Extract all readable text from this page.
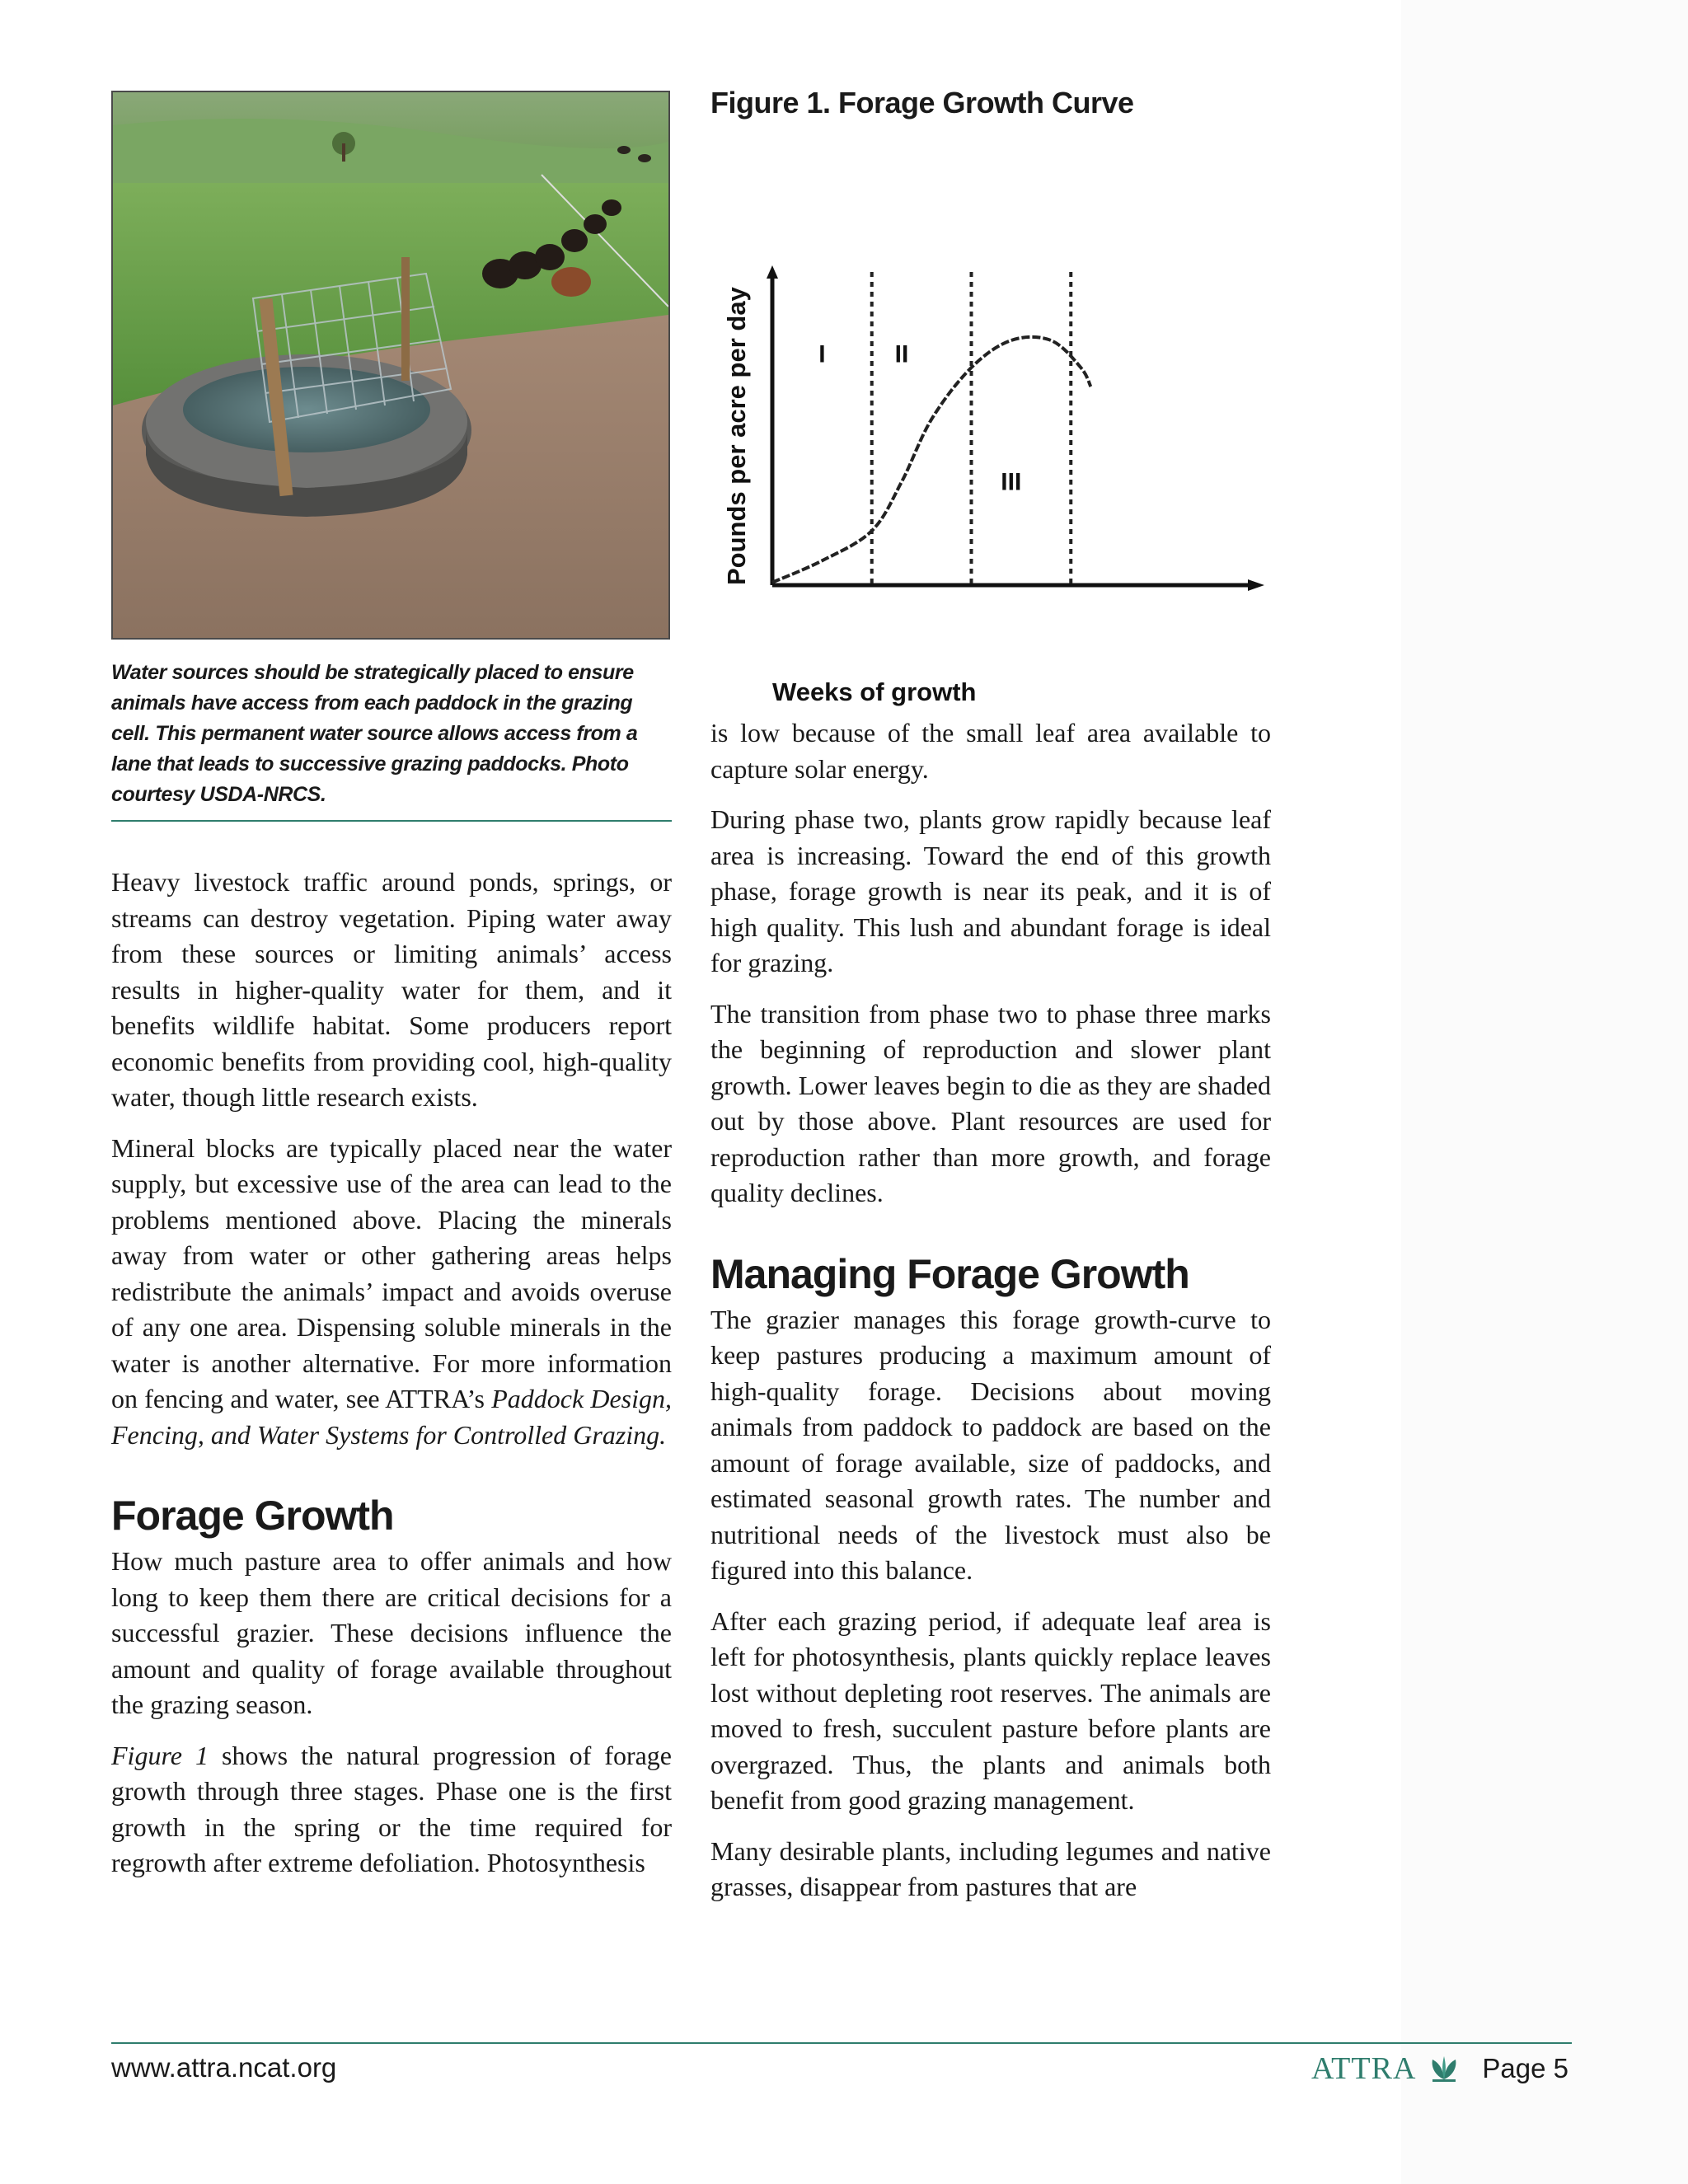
Water sources should be strategically placed to ensure animals have access from each paddock in the grazing cell. This permanent water source allows access from a lane that leads to successive grazing paddocks. Photo courtesy USDA-NRCS.

Heavy livestock traffic around ponds, springs, or streams can destroy vegetation. Piping water away from these sources or limiting animals’ access results in higher-quality water for them, and it benefits wildlife habitat. Some producers report economic benefits from providing cool, high-quality water, though little research exists.

Mineral blocks are typically placed near the water supply, but excessive use of the area can lead to the problems mentioned above. Placing the minerals away from water or other gathering areas helps redistribute the animals’ impact and avoids overuse of any one area. Dispensing soluble minerals in the water is another alternative. For more information on fencing and water, see ATTRA’s Paddock Design, Fencing, and Water Systems for Controlled Grazing.

Forage Growth

How much pasture area to offer animals and how long to keep them there are critical decisions for a successful grazier. These decisions influence the amount and quality of forage available throughout the grazing season.

Figure 1 shows the natural progression of forage growth through three stages. Phase one is the first growth in the spring or the time required for regrowth after extreme defoliation. Photosynthesis

Figure 1. Forage Growth Curve
I	II
III
Weeks of growth
Pounds per acre per day

is low because of the small leaf area available to capture solar energy.

During phase two, plants grow rapidly because leaf area is increasing. Toward the end of this growth phase, forage growth is near its peak, and it is of high quality. This lush and abundant forage is ideal for grazing.

The transition from phase two to phase three marks the beginning of reproduction and slower plant growth. Lower leaves begin to die as they are shaded out by those above. Plant resources are used for reproduction rather than more growth, and forage quality declines.

Managing Forage Growth

The grazier manages this forage growth-curve to keep pastures producing a maximum amount of high-quality forage. Decisions about moving animals from paddock to paddock are based on the amount of forage available, size of paddocks, and estimated seasonal growth rates. The number and nutritional needs of the livestock must also be figured into this balance.

After each grazing period, if adequate leaf area is left for photosynthesis, plants quickly replace leaves lost without depleting root reserves. The animals are moved to fresh, succulent pasture before plants are overgrazed. Thus, the plants and animals both benefit from good grazing management.

Many desirable plants, including legumes and native grasses, disappear from pastures that are

www.attra.ncat.org	ATTRA Page 5
